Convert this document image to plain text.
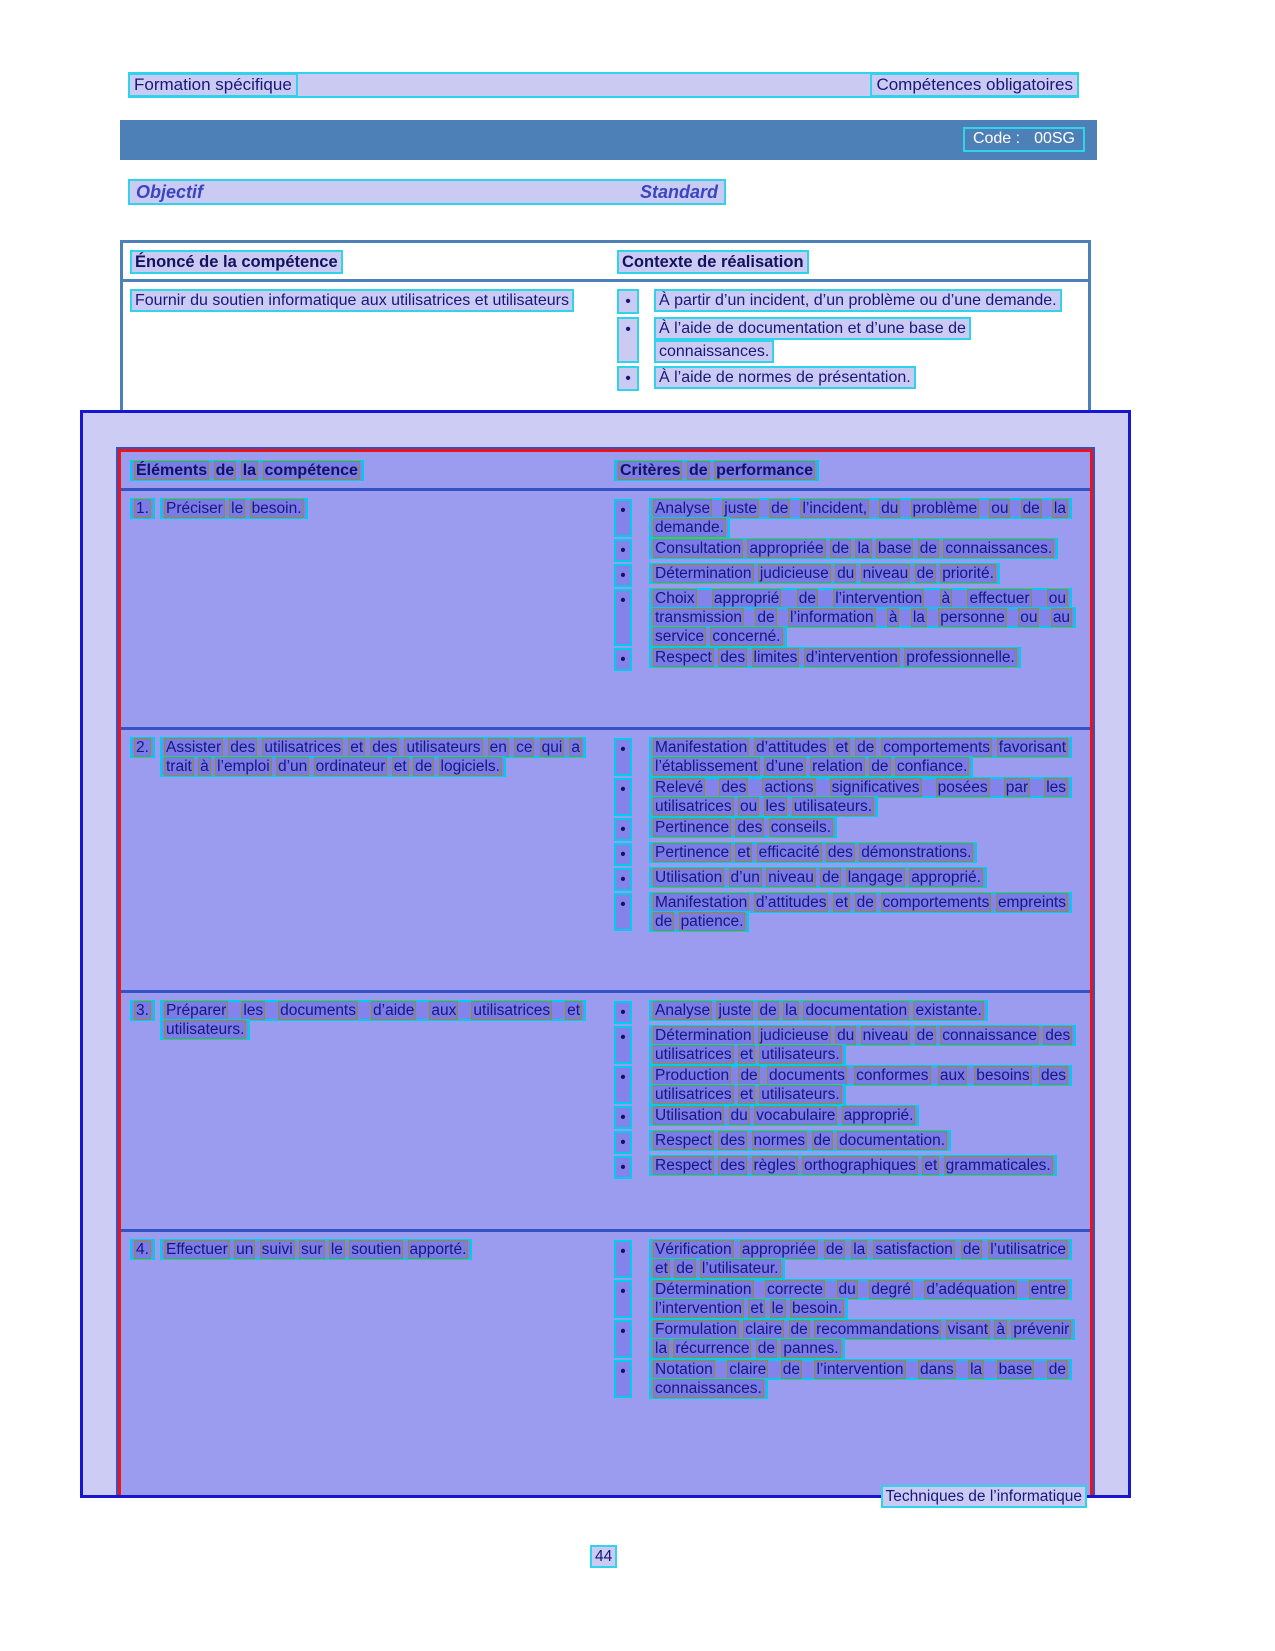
Formation spécifique	Compétences obligatoires
Code : 00SG
Objectif	Standard
Énoncé de la compétence	Contexte de réalisation
Fournir du soutien informatique aux utilisatrices et utilisateurs	•	À partir d’un incident, d’un problème ou d’une demande.
•	À l’aide de documentation et d’une base de connaissances.
•	À l’aide de normes de présentation.
Éléments de la compétence	Critères de performance
1.	Préciser le besoin.	•	Analyse juste de l’incident, du problème ou de la demande.
•	Consultation appropriée de la base de connaissances.
•	Détermination judicieuse du niveau de priorité.
•	Choix approprié de l’intervention à effectuer ou transmission de l’information à la personne ou au service concerné.
•	Respect des limites d’intervention professionnelle.
2.	Assister des utilisatrices et des utilisateurs en ce qui a trait à l’emploi d’un ordinateur et de logiciels.
•	Manifestation d’attitudes et de comportements favorisant l’établissement d’une relation de confiance.
•	Relevé des actions significatives posées par les utilisatrices ou les utilisateurs.
•	Pertinence des conseils.
•	Pertinence et efficacité des démonstrations.
•	Utilisation d’un niveau de langage approprié.
•	Manifestation d’attitudes et de comportements empreints de patience.
3.	Préparer les documents d’aide aux utilisatrices et utilisateurs.
•	Analyse juste de la documentation existante.
•	Détermination judicieuse du niveau de connaissance des utilisatrices et utilisateurs.
•	Production de documents conformes aux besoins des utilisatrices et utilisateurs.
•	Utilisation du vocabulaire approprié.
•	Respect des normes de documentation.
•	Respect des règles orthographiques et grammaticales.
4.	Effectuer un suivi sur le soutien apporté.	•	Vérification appropriée de la satisfaction de l’utilisatrice et de l’utilisateur.
•	Détermination correcte du degré d’adéquation entre l’intervention et le besoin.
•	Formulation claire de recommandations visant à prévenir la récurrence de pannes.
•	Notation claire de l’intervention dans la base de connaissances.
Techniques de l’informatique
44
